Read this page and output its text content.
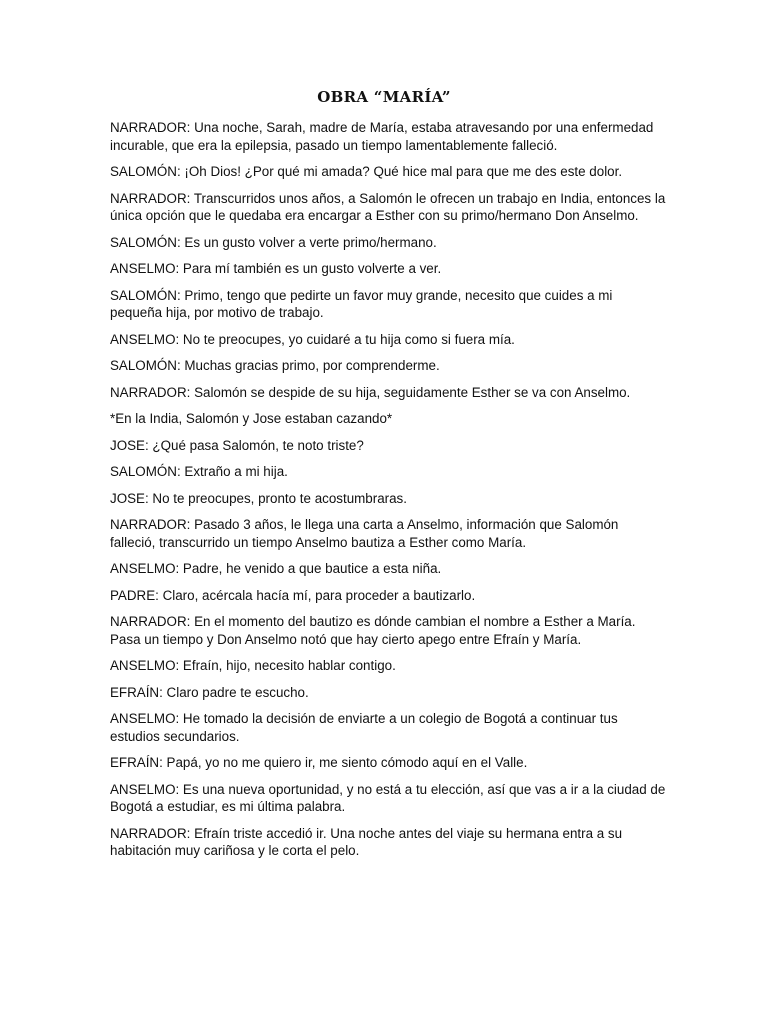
OBRA “MARÍA”

NARRADOR: Una noche, Sarah, madre de María, estaba atravesando por una enfermedad incurable, que era la epilepsia, pasado un tiempo lamentablemente falleció.

SALOMÓN: ¡Oh Dios! ¿Por qué mi amada? Qué hice mal para que me des este dolor.

NARRADOR: Transcurridos unos años, a Salomón le ofrecen un trabajo en India, entonces la única opción que le quedaba era encargar a Esther con su primo/hermano Don Anselmo.

SALOMÓN: Es un gusto volver a verte primo/hermano.

ANSELMO: Para mí también es un gusto volverte a ver.

SALOMÓN: Primo, tengo que pedirte un favor muy grande, necesito que cuides a mi pequeña hija, por motivo de trabajo.

ANSELMO: No te preocupes, yo cuidaré a tu hija como si fuera mía.

SALOMÓN: Muchas gracias primo, por comprenderme.

NARRADOR: Salomón se despide de su hija, seguidamente Esther se va con Anselmo.

*En la India, Salomón y Jose estaban cazando*

JOSE: ¿Qué pasa Salomón, te noto triste?

SALOMÓN: Extraño a mi hija.

JOSE: No te preocupes, pronto te acostumbraras.

NARRADOR: Pasado 3 años, le llega una carta a Anselmo, información que Salomón falleció, transcurrido un tiempo Anselmo bautiza a Esther como María.

ANSELMO: Padre, he venido a que bautice a esta niña.

PADRE: Claro, acércala hacía mí, para proceder a bautizarlo.

NARRADOR: En el momento del bautizo es dónde cambian el nombre a Esther a María. Pasa un tiempo y Don Anselmo notó que hay cierto apego entre Efraín y María.

ANSELMO: Efraín, hijo, necesito hablar contigo.

EFRAÍN: Claro padre te escucho.

ANSELMO: He tomado la decisión de enviarte a un colegio de Bogotá a continuar tus estudios secundarios.

EFRAÍN: Papá, yo no me quiero ir, me siento cómodo aquí en el Valle.

ANSELMO: Es una nueva oportunidad, y no está a tu elección, así que vas a ir a la ciudad de Bogotá a estudiar, es mi última palabra.

NARRADOR: Efraín triste accedió ir. Una noche antes del viaje su hermana entra a su habitación muy cariñosa y le corta el pelo.
